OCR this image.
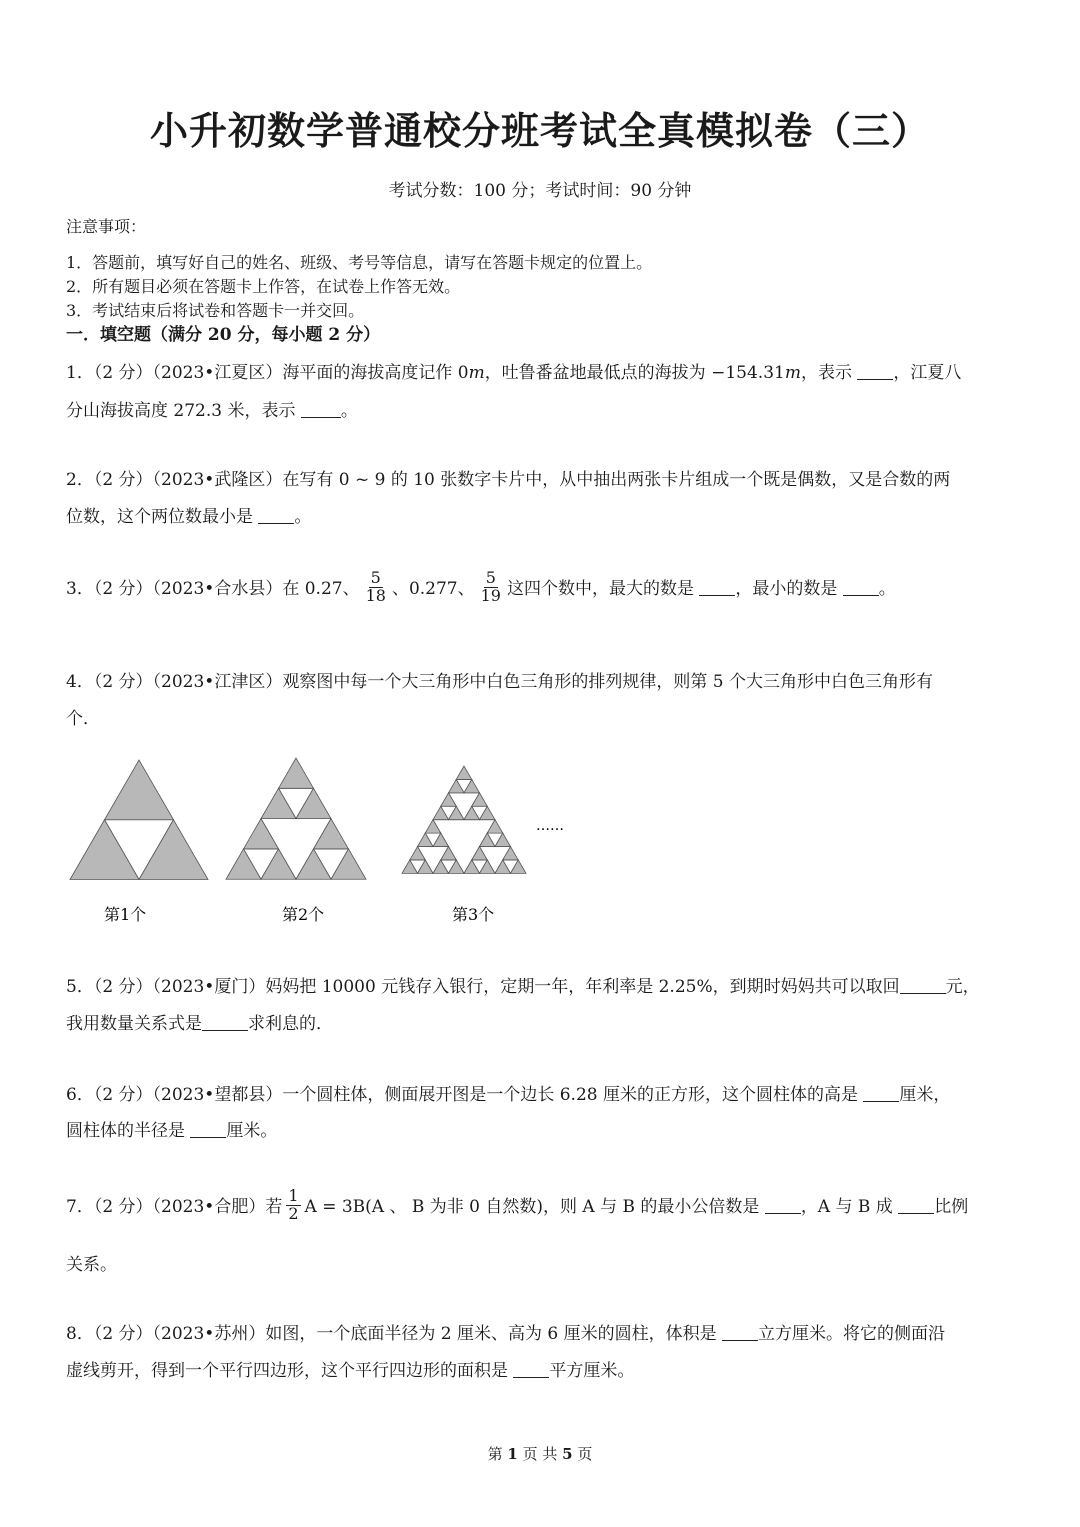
小升初数学普通校分班考试全真模拟卷（三）
考试分数：100 分；考试时间：90 分钟
注意事项：
1．答题前，填写好自己的姓名、班级、考号等信息，请写在答题卡规定的位置上。
2．所有题目必须在答题卡上作答，在试卷上作答无效。
3．考试结束后将试卷和答题卡一并交回。
一．填空题（满分 20 分，每小题 2 分）
1．（2 分）（2023•江夏区）海平面的海拔高度记作 0m，吐鲁番盆地最低点的海拔为 −154.31m，表示 ，江夏八
分山海拔高度 272.3 米，表示	。
2．（2 分）（2023•武隆区）在写有 0 ~ 9 的 10 张数字卡片中，从中抽出两张卡片组成一个既是偶数，又是合数的两
位数，这个两位数最小是 。
3．（2 分）（2023•合水县）在 0.27、 $\frac{5}{18}$ 、0.277、 $\frac{5}{19}$ 这四个数中，最大的数是 ，最小的数是 。
4．（2 分）（2023•江津区）观察图中每一个大三角形中白色三角形的排列规律，则第 5 个大三角形中白色三角形有
个．
第1个	第2个	第3个
……
5．（2 分）（2023•厦门）妈妈把 10000 元钱存入银行，定期一年，年利率是 2.25%，到期时妈妈共可以取回	元，
我用数量关系式是	求利息的．
6．（2 分）（2023•望都县）一个圆柱体，侧面展开图是一个边长 6.28 厘米的正方形，这个圆柱体的高是 厘米，
圆柱体的半径是 厘米。
7．（2 分）（2023•合肥）若 $\frac{1}{2}$ A = 3B(A 、 B 为非 0 自然数)，则 A 与 B 的最小公倍数是 ，A 与 B 成 比例
关系。
8．（2 分）（2023•苏州）如图，一个底面半径为 2 厘米、高为 6 厘米的圆柱，体积是 立方厘米。将它的侧面沿
虚线剪开，得到一个平行四边形，这个平行四边形的面积是 平方厘米。
第 1 页 共 5 页
